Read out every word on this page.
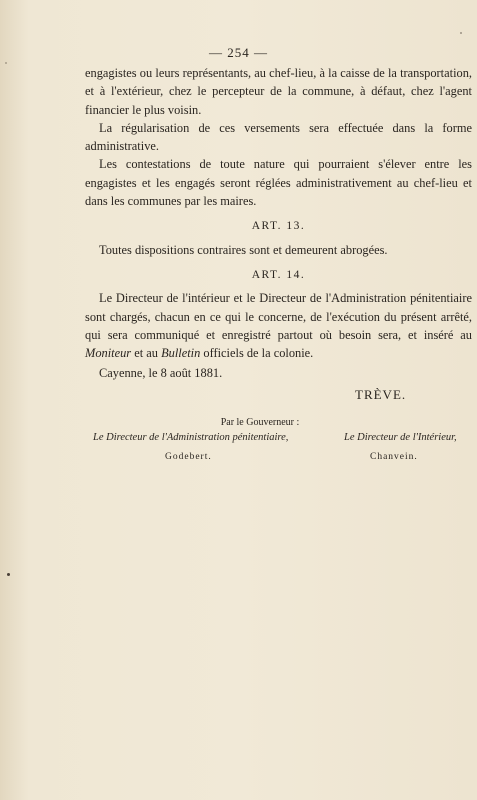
— 254 —

engagistes ou leurs représentants, au chef-lieu, à la caisse de la transportation, et à l'extérieur, chez le percepteur de la commune, à défaut, chez l'agent financier le plus voisin.

La régularisation de ces versements sera effectuée dans la forme administrative.

Les contestations de toute nature qui pourraient s'élever entre les engagistes et les engagés seront réglées administrativement au chef-lieu et dans les communes par les maires.

ART. 13.

Toutes dispositions contraires sont et demeurent abrogées.

ART. 14.

Le Directeur de l'intérieur et le Directeur de l'Administration pénitentiaire sont chargés, chacun en ce qui le concerne, de l'exécution du présent arrêté, qui sera communiqué et enregistré partout où besoin sera, et inséré au Moniteur et au Bulletin officiels de la colonie.

Cayenne, le 8 août 1881.

TRÈVE.
Par le Gouverneur :
Le Directeur de l'Administration pénitentiaire,	Le Directeur de l'Intérieur,
Godebert.	Chanvein.
